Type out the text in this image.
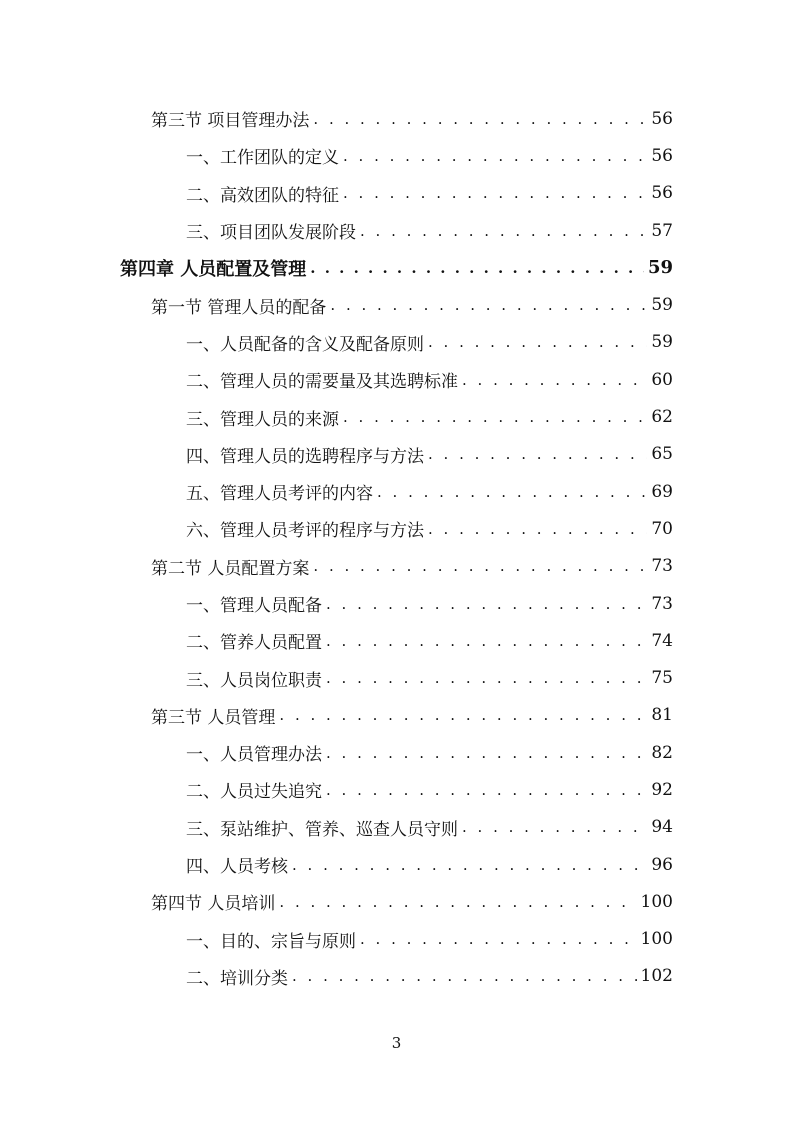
第三节 项目管理办法 . . .	56
一、工作团队的定义 . . .	56
二、高效团队的特征 . . .	56
三、项目团队发展阶段 . . .	57
第四章 人员配置及管理 . . .	59
第一节 管理人员的配备 . . .	59
一、人员配备的含义及配备原则 . . .	59
二、管理人员的需要量及其选聘标准 . . .	60
三、管理人员的来源 . . .	62
四、管理人员的选聘程序与方法 . . .	65
五、管理人员考评的内容 . . .	69
六、管理人员考评的程序与方法 . . .	70
第二节 人员配置方案 . . .	73
一、管理人员配备 . . .	73
二、管养人员配置 . . .	74
三、人员岗位职责 . . .	75
第三节 人员管理 . . .	81
一、人员管理办法 . . .	82
二、人员过失追究 . . .	92
三、泵站维护、管养、巡查人员守则 . . .	94
四、人员考核 . . .	96
第四节 人员培训 . . .	100
一、目的、宗旨与原则 . . .	100
二、培训分类 . . .	102
3
